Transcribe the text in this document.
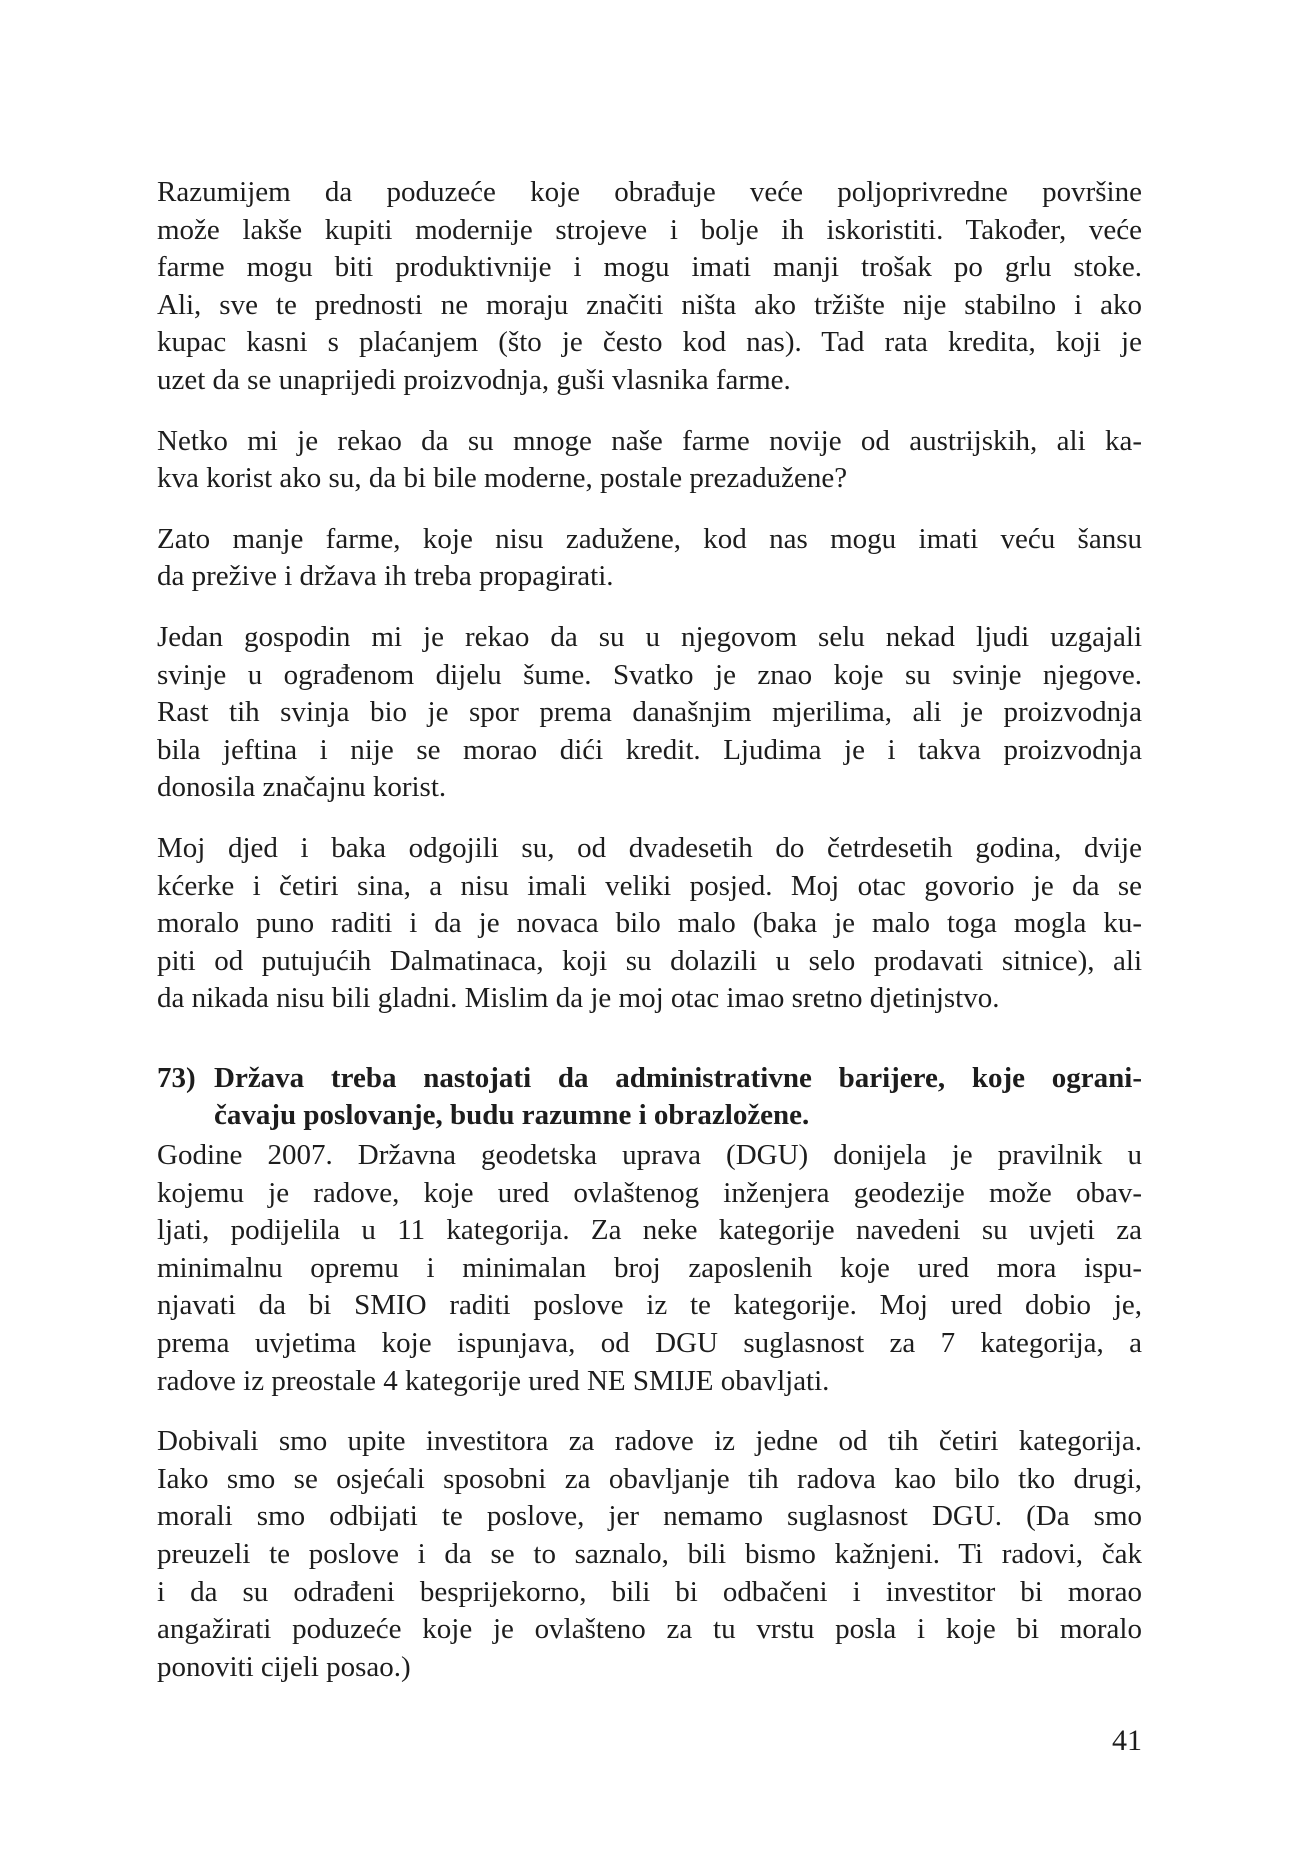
Razumijem da poduzeće koje obrađuje veće poljoprivredne površine
može lakše kupiti modernije strojeve i bolje ih iskoristiti. Također, veće
farme mogu biti produktivnije i mogu imati manji trošak po grlu stoke.
Ali, sve te prednosti ne moraju značiti ništa ako tržište nije stabilno i ako
kupac kasni s plaćanjem (što je često kod nas). Tad rata kredita, koji je
uzet da se unaprijedi proizvodnja, guši vlasnika farme.
Netko mi je rekao da su mnoge naše farme novije od austrijskih, ali ka-
kva korist ako su, da bi bile moderne, postale prezadužene?
Zato manje farme, koje nisu zadužene, kod nas mogu imati veću šansu
da prežive i država ih treba propagirati.
Jedan gospodin mi je rekao da su u njegovom selu nekad ljudi uzgajali
svinje u ograđenom dijelu šume. Svatko je znao koje su svinje njegove.
Rast tih svinja bio je spor prema današnjim mjerilima, ali je proizvodnja
bila jeftina i nije se morao dići kredit. Ljudima je i takva proizvodnja
donosila značajnu korist.
Moj djed i baka odgojili su, od dvadesetih do četrdesetih godina, dvije
kćerke i četiri sina, a nisu imali veliki posjed. Moj otac govorio je da se
moralo puno raditi i da je novaca bilo malo (baka je malo toga mogla ku-
piti od putujućih Dalmatinaca, koji su dolazili u selo prodavati sitnice), ali
da nikada nisu bili gladni. Mislim da je moj otac imao sretno djetinjstvo.
73) Država treba nastojati da administrativne barijere, koje ograni-
čavaju poslovanje, budu razumne i obrazložene.
Godine 2007. Državna geodetska uprava (DGU) donijela je pravilnik u
kojemu je radove, koje ured ovlaštenog inženjera geodezije može obav-
ljati, podijelila u 11 kategorija. Za neke kategorije navedeni su uvjeti za
minimalnu opremu i minimalan broj zaposlenih koje ured mora ispu-
njavati da bi SMIO raditi poslove iz te kategorije. Moj ured dobio je,
prema uvjetima koje ispunjava, od DGU suglasnost za 7 kategorija, a
radove iz preostale 4 kategorije ured NE SMIJE obavljati.
Dobivali smo upite investitora za radove iz jedne od tih četiri kategorija.
Iako smo se osjećali sposobni za obavljanje tih radova kao bilo tko drugi,
morali smo odbijati te poslove, jer nemamo suglasnost DGU. (Da smo
preuzeli te poslove i da se to saznalo, bili bismo kažnjeni. Ti radovi, čak
i da su odrađeni besprijekorno, bili bi odbačeni i investitor bi morao
angažirati poduzeće koje je ovlašteno za tu vrstu posla i koje bi moralo
ponoviti cijeli posao.)
41
